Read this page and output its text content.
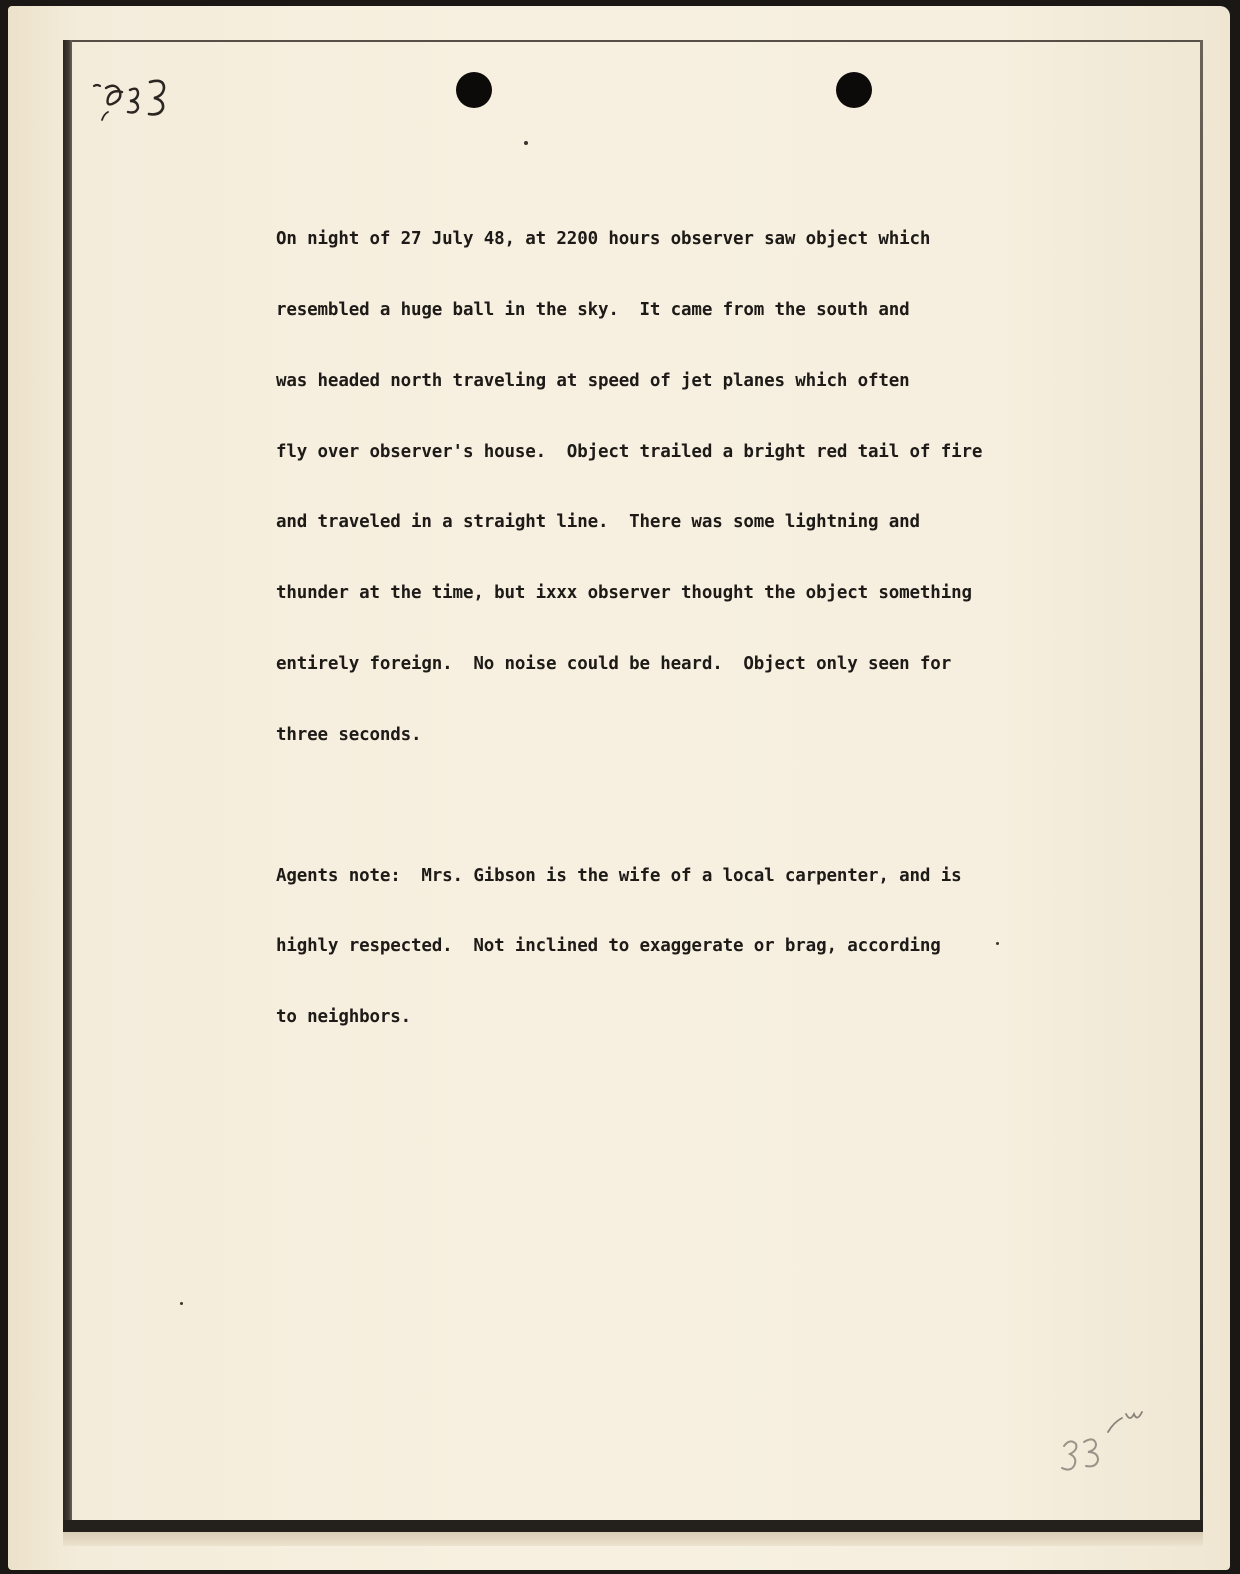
On night of 27 July 48, at 2200 hours observer saw object which

resembled a huge ball in the sky.  It came from the south and

was headed north traveling at speed of jet planes which often

fly over observer's house.  Object trailed a bright red tail of fire

and traveled in a straight line.  There was some lightning and

thunder at the time, but ixxx observer thought the object something

entirely foreign.  No noise could be heard.  Object only seen for

three seconds.

Agents note:  Mrs. Gibson is the wife of a local carpenter, and is

highly respected.  Not inclined to exaggerate or brag, according

to neighbors.
